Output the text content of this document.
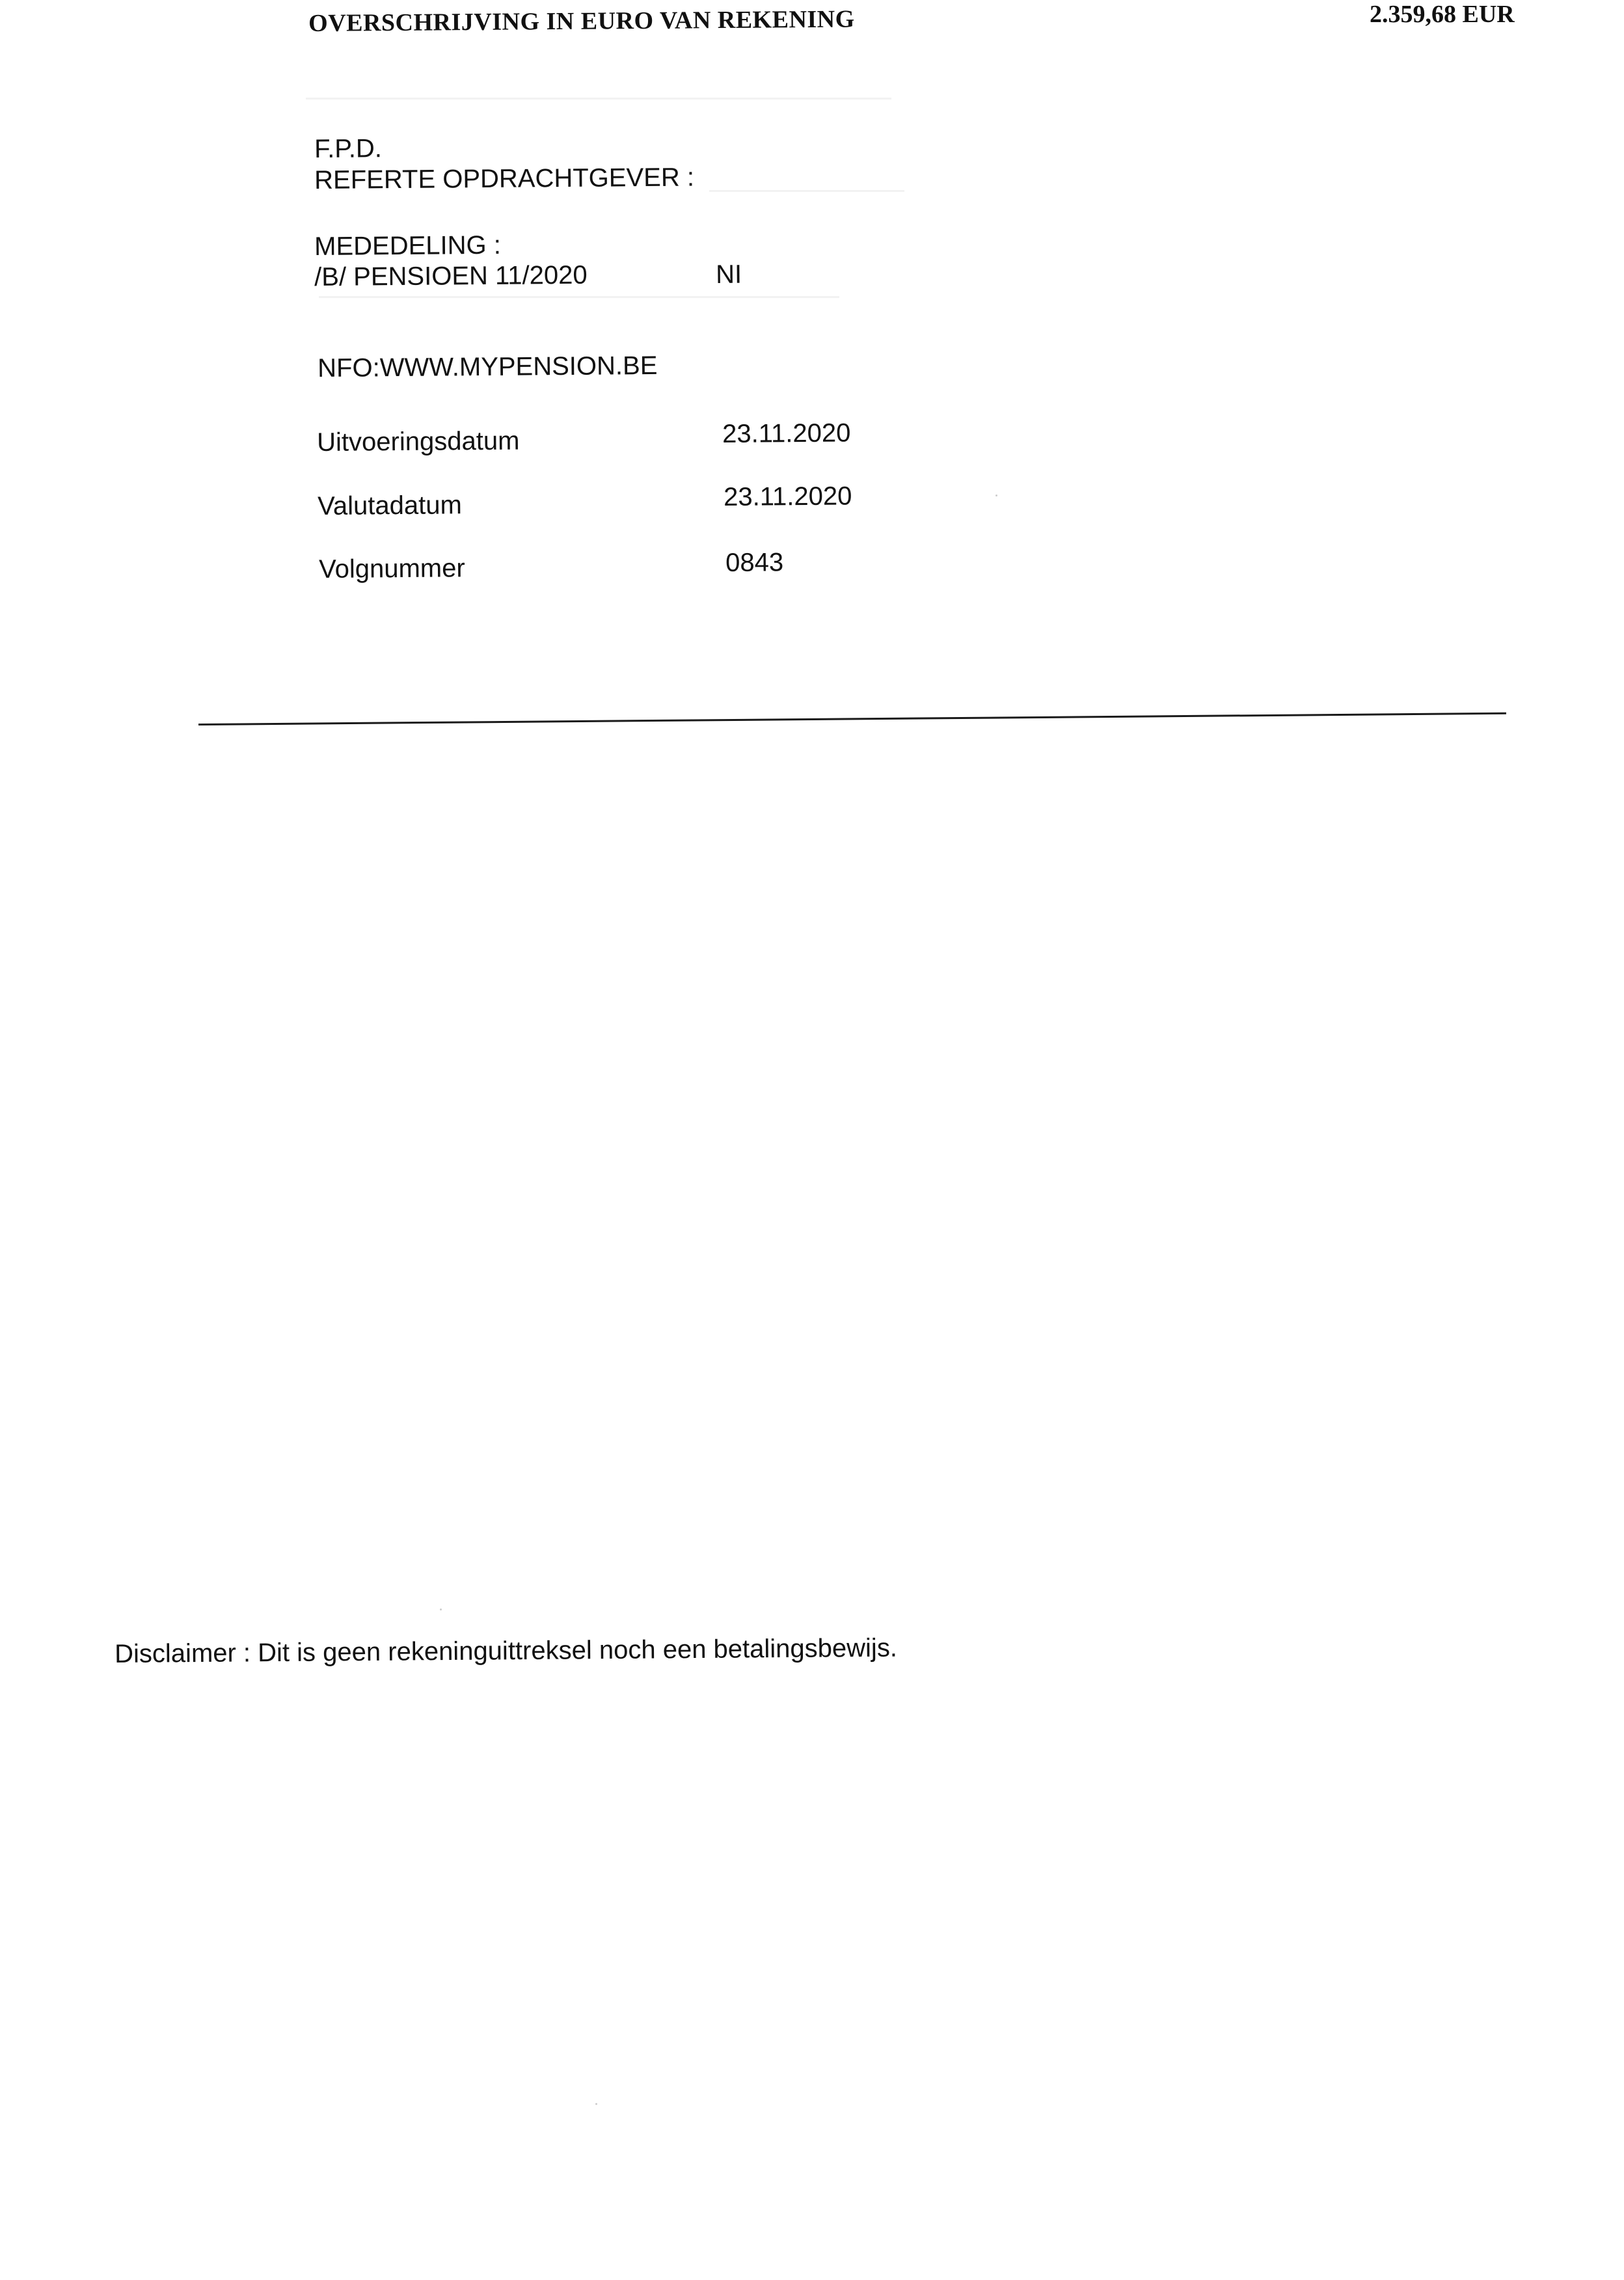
OVERSCHRIJVING IN EURO VAN REKENING	2.359,68 EUR
F.P.D.
REFERTE OPDRACHTGEVER :
MEDEDELING :
/B/ PENSIOEN 11/2020	NI
NFO:WWW.MYPENSION.BE
Uitvoeringsdatum	23.11.2020
Valutadatum	23.11.2020
Volgnummer	0843
Disclaimer : Dit is geen rekeninguittreksel noch een betalingsbewijs.
